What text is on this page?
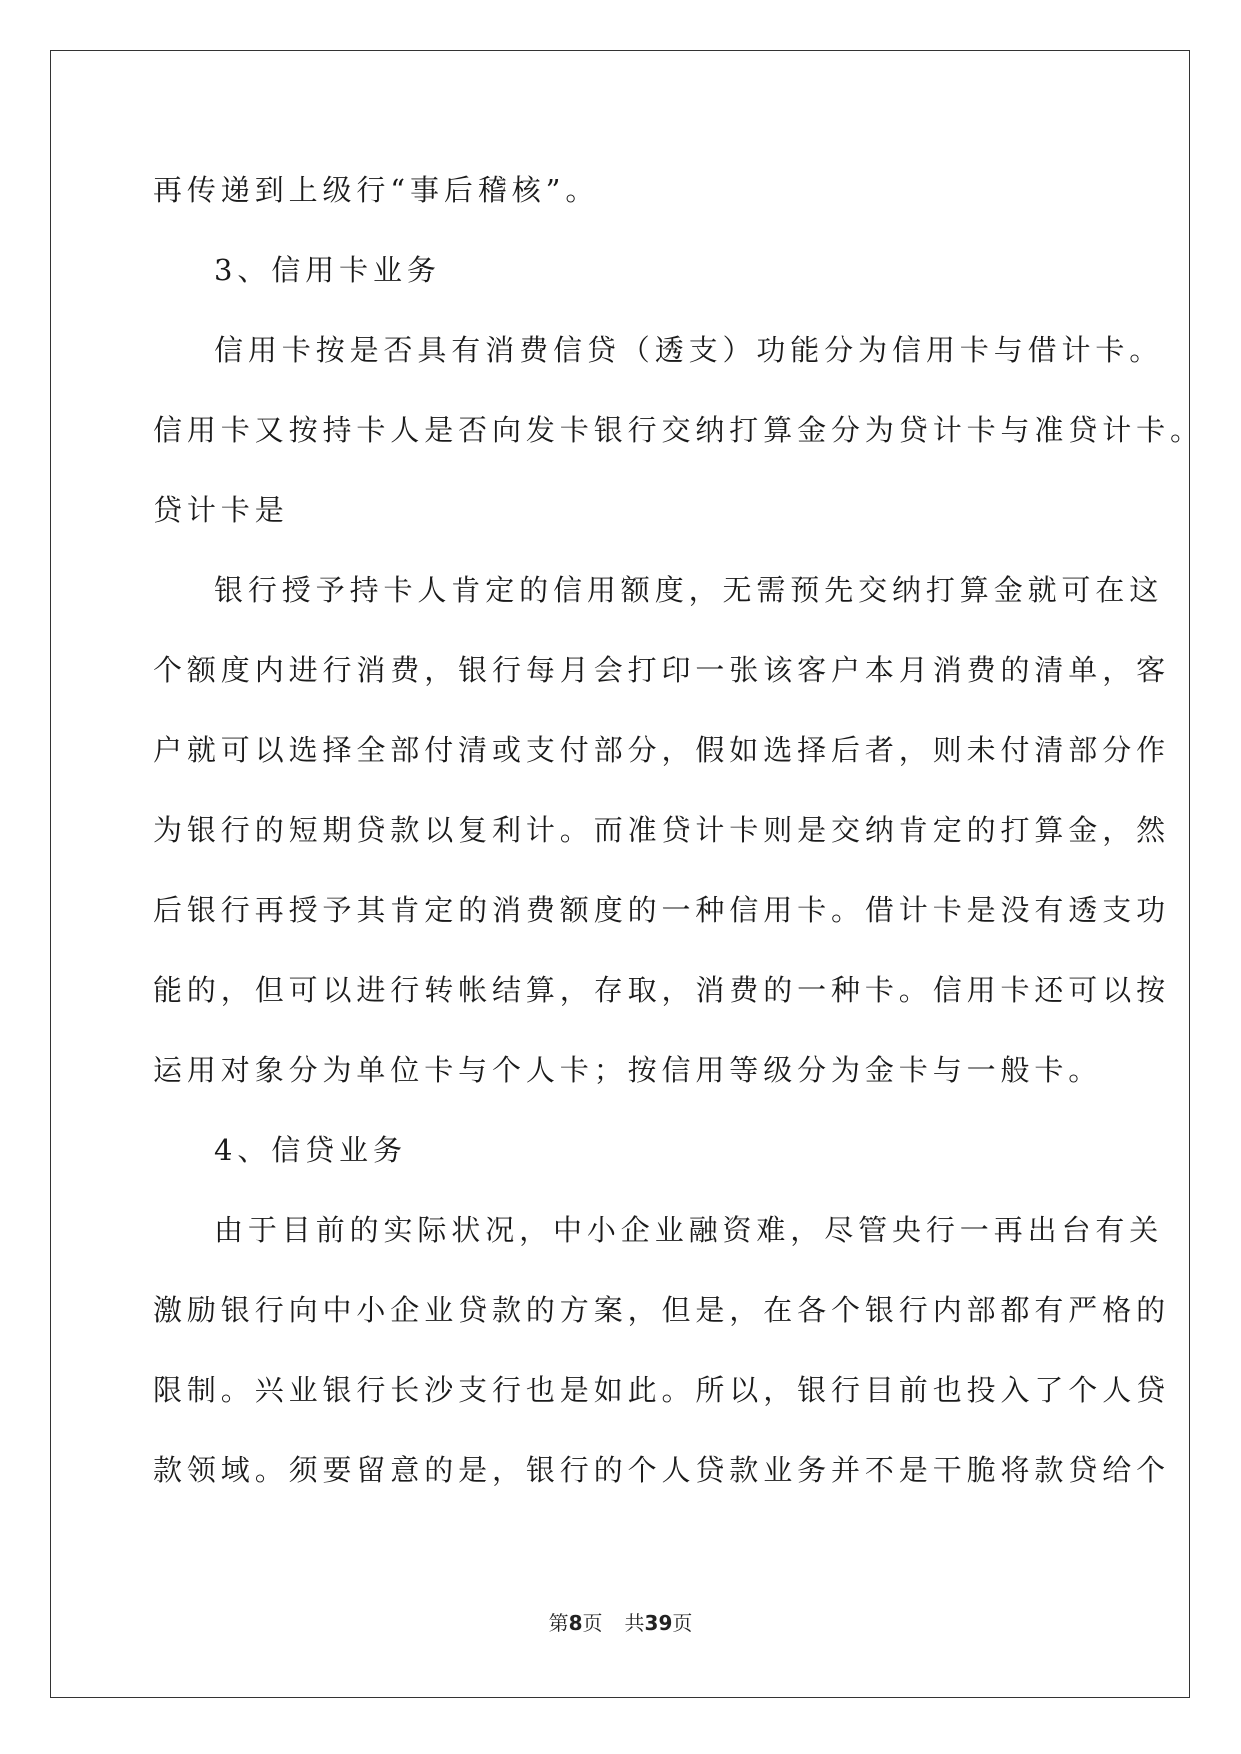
再传递到上级行“事后稽核”。
3、信用卡业务
信用卡按是否具有消费信贷（透支）功能分为信用卡与借计卡。
信用卡又按持卡人是否向发卡银行交纳打算金分为贷计卡与准贷计卡。
贷计卡是
银行授予持卡人肯定的信用额度，无需预先交纳打算金就可在这
个额度内进行消费，银行每月会打印一张该客户本月消费的清单，客
户就可以选择全部付清或支付部分，假如选择后者，则未付清部分作
为银行的短期贷款以复利计。而准贷计卡则是交纳肯定的打算金，然
后银行再授予其肯定的消费额度的一种信用卡。借计卡是没有透支功
能的，但可以进行转帐结算，存取，消费的一种卡。信用卡还可以按
运用对象分为单位卡与个人卡；按信用等级分为金卡与一般卡。
4、信贷业务
由于目前的实际状况，中小企业融资难，尽管央行一再出台有关
激励银行向中小企业贷款的方案，但是，在各个银行内部都有严格的
限制。兴业银行长沙支行也是如此。所以，银行目前也投入了个人贷
款领域。须要留意的是，银行的个人贷款业务并不是干脆将款贷给个
第8页 共39页
